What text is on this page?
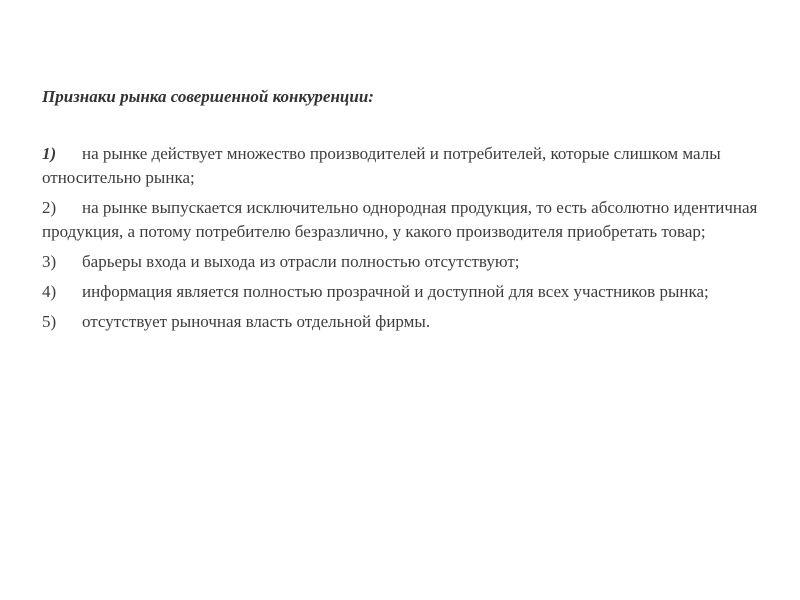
Признаки рынка совершенной конкуренции:

1) на рынке действует множество производителей и потребителей, которые слишком малы относительно рынка;
2) на рынке выпускается исключительно однородная продукция, то есть абсолютно идентичная продукция, а потому потребителю безразлично, у какого производителя приобретать товар;
3) барьеры входа и выхода из отрасли полностью отсутствуют;
4) информация является полностью прозрачной и доступной для всех участников рынка;
5) отсутствует рыночная власть отдельной фирмы.
